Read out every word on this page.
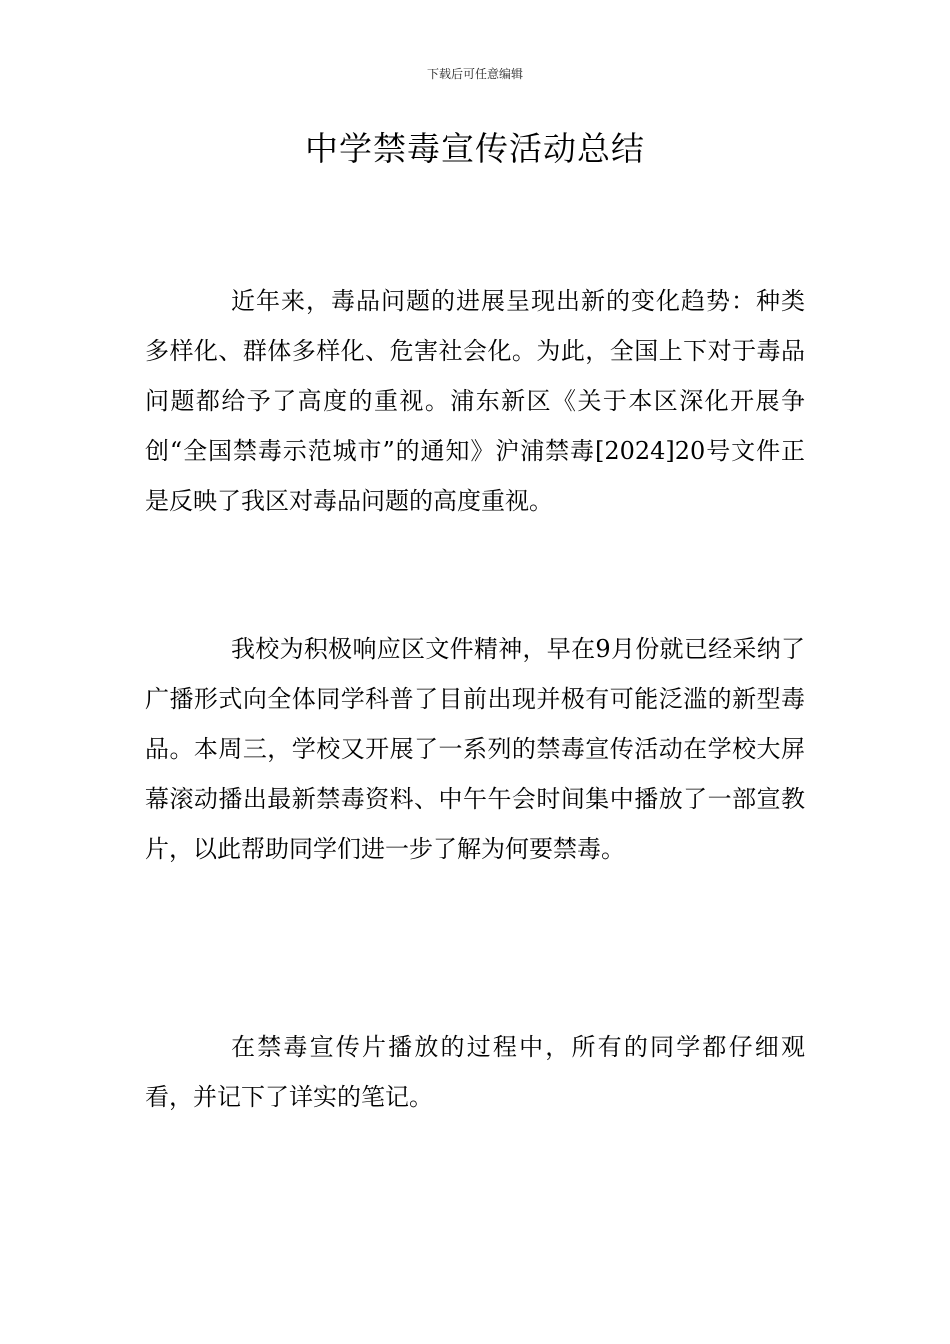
下载后可任意编辑
中学禁毒宣传活动总结

近年来，毒品问题的进展呈现出新的变化趋势：种类多样化、群体多样化、危害社会化。为此，全国上下对于毒品问题都给予了高度的重视。浦东新区《关于本区深化开展争创“全国禁毒示范城市”的通知》沪浦禁毒[2024]20号文件正是反映了我区对毒品问题的高度重视。

我校为积极响应区文件精神，早在9月份就已经采纳了广播形式向全体同学科普了目前出现并极有可能泛滥的新型毒品。本周三，学校又开展了一系列的禁毒宣传活动在学校大屏幕滚动播出最新禁毒资料、中午午会时间集中播放了一部宣教片，以此帮助同学们进一步了解为何要禁毒。

在禁毒宣传片播放的过程中，所有的同学都仔细观看，并记下了详实的笔记。
